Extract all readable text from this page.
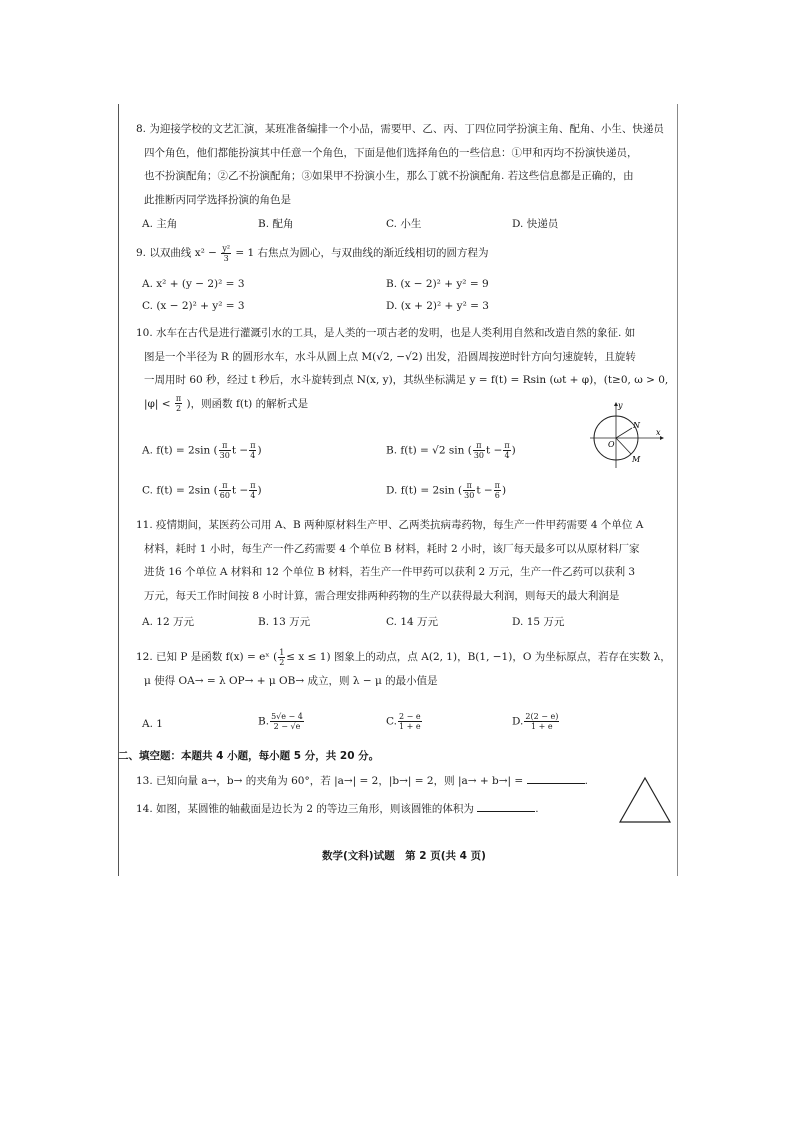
8. 为迎接学校的文艺汇演，某班准备编排一个小品，需要甲、乙、丙、丁四位同学扮演主角、配角、小生、快递员

四个角色，他们都能扮演其中任意一个角色，下面是他们选择角色的一些信息：①甲和丙均不扮演快递员，

也不扮演配角；②乙不扮演配角；③如果甲不扮演小生，那么丁就不扮演配角. 若这些信息都是正确的，由

此推断丙同学选择扮演的角色是

A. 主角	B. 配角	C. 小生	D. 快递员

9. 以双曲线 $x^2 - \frac{\text{y²}}{3} = 1$ 右焦点为圆心，与双曲线的渐近线相切的圆方程为

A. x² + (y − 2)² = 3	B. (x − 2)² + y² = 9
C. (x − 2)² + y² = 3	D. (x + 2)² + y² = 3

10. 水车在古代是进行灌溉引水的工具，是人类的一项古老的发明，也是人类利用自然和改造自然的象征. 如

图是一个半径为 R 的圆形水车，水斗从圆上点 M(√2, −√2) 出发，沿圆周按逆时针方向匀速旋转，且旋转

一周用时 60 秒，经过 t 秒后，水斗旋转到点 N(x, y)，其纵坐标满足 y = f(t) = Rsin (ωt + φ)，(t≥0, ω > 0,

$|\varphi| < \frac{\pi}{2}$ )，则函数 f(t) 的解析式是	y
x
O
N
M
A. f(t) = 2sin ( $\frac{\pi}{30}$ $t - \frac{\pi}{4}$ )	B. f(t) = √2 sin ( $\frac{\pi}{30}$ $t - \frac{\pi}{4}$ )
C. f(t) = 2sin ( $\frac{\pi}{60}$ $t - \frac{\pi}{4}$ )	D. f(t) = 2sin ( $\frac{\pi}{30}$ $t - \frac{\pi}{6}$ )

11. 疫情期间，某医药公司用 A、B 两种原材料生产甲、乙两类抗病毒药物，每生产一件甲药需要 4 个单位 A

材料，耗时 1 小时，每生产一件乙药需要 4 个单位 B 材料，耗时 2 小时，该厂每天最多可以从原材料厂家

进货 16 个单位 A 材料和 12 个单位 B 材料，若生产一件甲药可以获利 2 万元，生产一件乙药可以获利 3

万元，每天工作时间按 8 小时计算，需合理安排两种药物的生产以获得最大利润，则每天的最大利润是

A. 12 万元	B. 13 万元	C. 14 万元	D. 15 万元

12. 已知 P 是函数 f(x) = eˣ ( $\frac{1}{2} \le x \le 1$) 图象上的动点，点 A(2, 1)，B(1, −1)，O 为坐标原点，若存在实数 λ，

μ 使得 OA→ = λ OP→ + μ OB→ 成立，则 λ − μ 的最小值是

A. 1	B. $\frac{5√e - 4}{2 - √e}$	C. $\frac{2 - e}{1 + e}$	D. $\frac{2(2 - e)}{1 + e}$
二、填空题：本题共 4 小题，每小题 5 分，共 20 分。

13. 已知向量 a→，b→ 的夹角为 60°，若 |a→| = 2，|b→| = 2，则 |a→ + b→| =	.

14. 如图，某圆锥的轴截面是边长为 2 的等边三角形，则该圆锥的体积为	.

数学(文科)试题　第 2 页(共 4 页)
